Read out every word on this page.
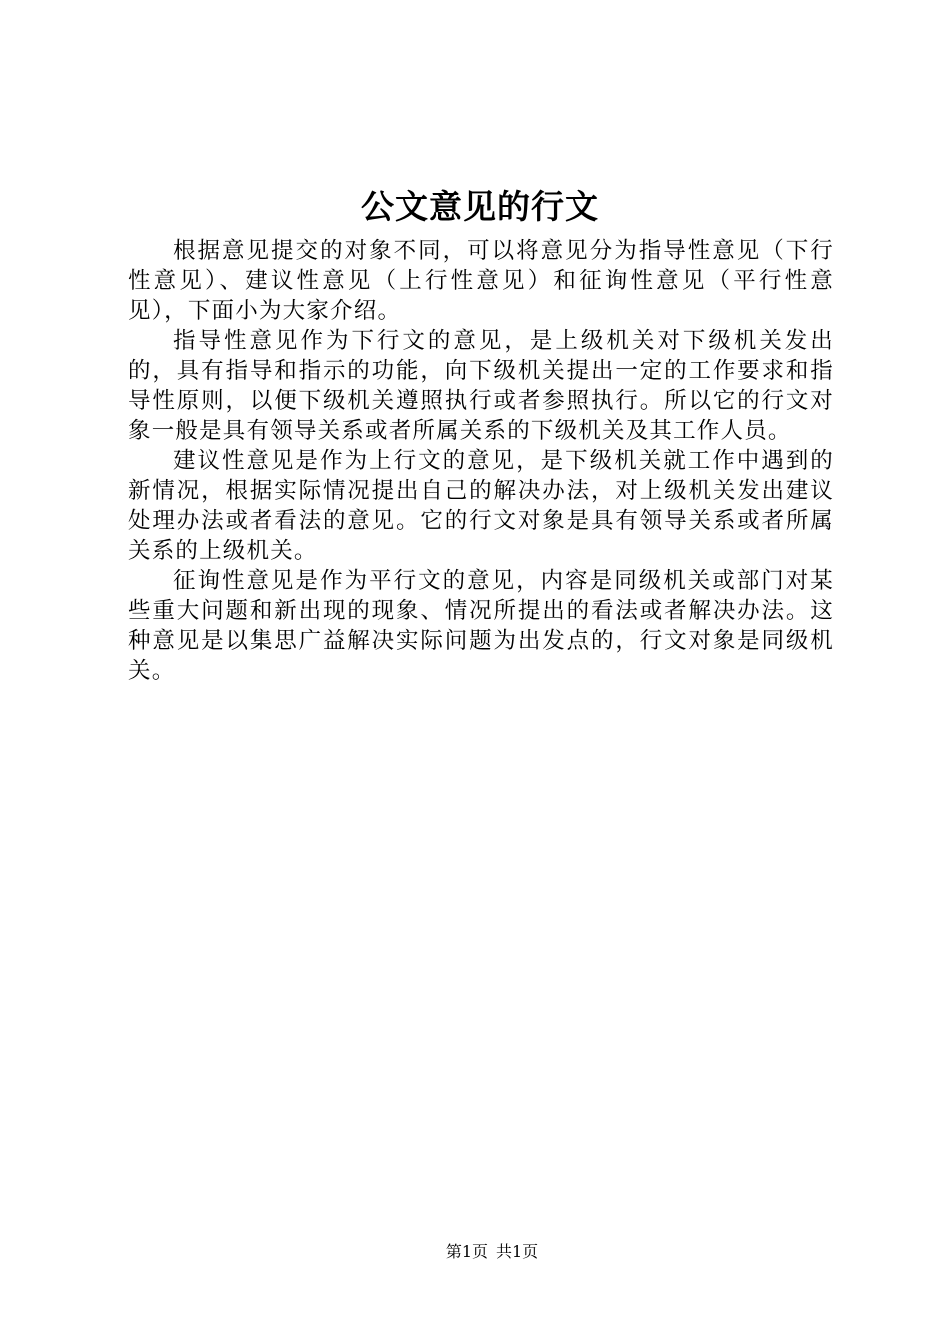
公文意见的行文

根据意见提交的对象不同，可以将意见分为指导性意见（下行性意见）、建议性意见（上行性意见）和征询性意见（平行性意见），下面小为大家介绍。

指导性意见作为下行文的意见，是上级机关对下级机关发出的，具有指导和指示的功能，向下级机关提出一定的工作要求和指导性原则，以便下级机关遵照执行或者参照执行。所以它的行文对象一般是具有领导关系或者所属关系的下级机关及其工作人员。

建议性意见是作为上行文的意见，是下级机关就工作中遇到的新情况，根据实际情况提出自己的解决办法，对上级机关发出建议处理办法或者看法的意见。它的行文对象是具有领导关系或者所属关系的上级机关。

征询性意见是作为平行文的意见，内容是同级机关或部门对某些重大问题和新出现的现象、情况所提出的看法或者解决办法。这种意见是以集思广益解决实际问题为出发点的，行文对象是同级机关。

第1页 共1页
